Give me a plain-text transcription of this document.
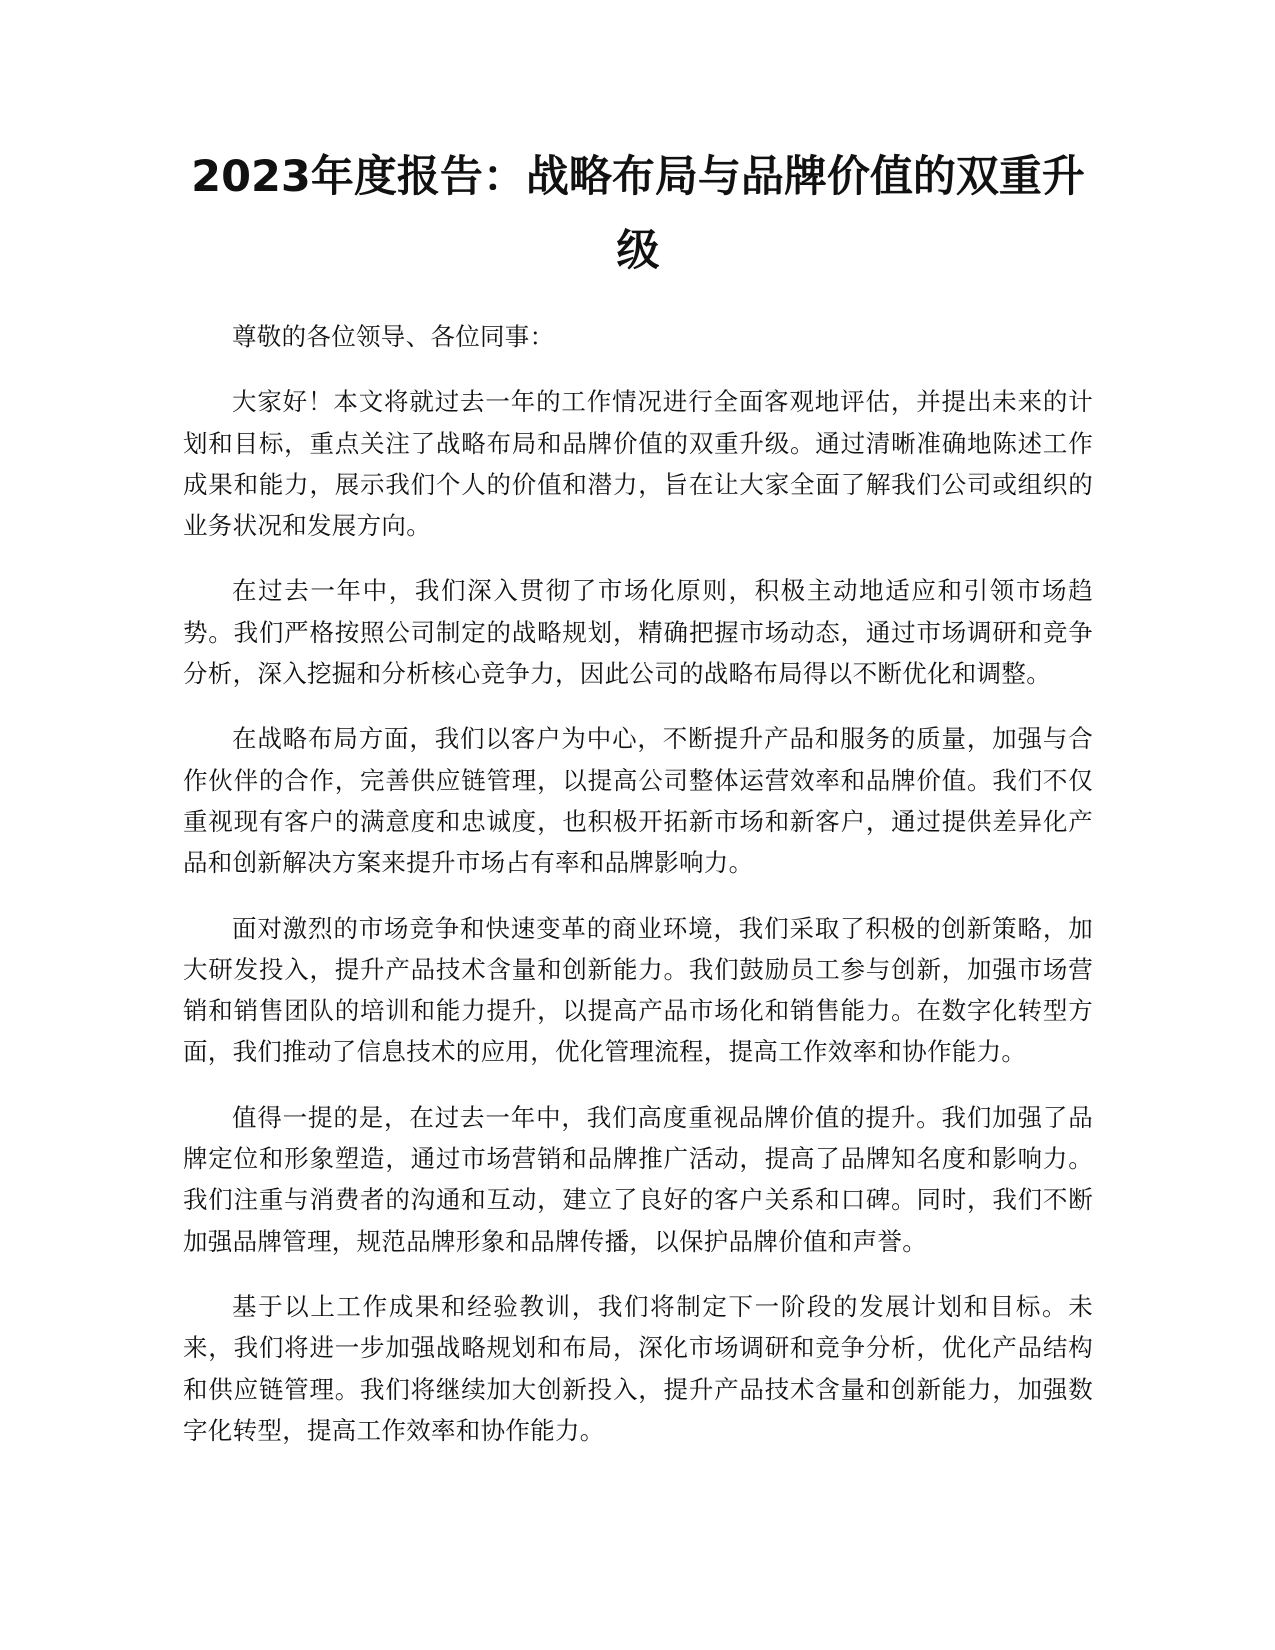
2023年度报告：战略布局与品牌价值的双重升级

尊敬的各位领导、各位同事：

大家好！本文将就过去一年的工作情况进行全面客观地评估，并提出未来的计划和目标，重点关注了战略布局和品牌价值的双重升级。通过清晰准确地陈述工作成果和能力，展示我们个人的价值和潜力，旨在让大家全面了解我们公司或组织的业务状况和发展方向。

在过去一年中，我们深入贯彻了市场化原则，积极主动地适应和引领市场趋势。我们严格按照公司制定的战略规划，精确把握市场动态，通过市场调研和竞争分析，深入挖掘和分析核心竞争力，因此公司的战略布局得以不断优化和调整。

在战略布局方面，我们以客户为中心，不断提升产品和服务的质量，加强与合作伙伴的合作，完善供应链管理，以提高公司整体运营效率和品牌价值。我们不仅重视现有客户的满意度和忠诚度，也积极开拓新市场和新客户，通过提供差异化产品和创新解决方案来提升市场占有率和品牌影响力。

面对激烈的市场竞争和快速变革的商业环境，我们采取了积极的创新策略，加大研发投入，提升产品技术含量和创新能力。我们鼓励员工参与创新，加强市场营销和销售团队的培训和能力提升，以提高产品市场化和销售能力。在数字化转型方面，我们推动了信息技术的应用，优化管理流程，提高工作效率和协作能力。

值得一提的是，在过去一年中，我们高度重视品牌价值的提升。我们加强了品牌定位和形象塑造，通过市场营销和品牌推广活动，提高了品牌知名度和影响力。我们注重与消费者的沟通和互动，建立了良好的客户关系和口碑。同时，我们不断加强品牌管理，规范品牌形象和品牌传播，以保护品牌价值和声誉。

基于以上工作成果和经验教训，我们将制定下一阶段的发展计划和目标。未来，我们将进一步加强战略规划和布局，深化市场调研和竞争分析，优化产品结构和供应链管理。我们将继续加大创新投入，提升产品技术含量和创新能力，加强数字化转型，提高工作效率和协作能力。
